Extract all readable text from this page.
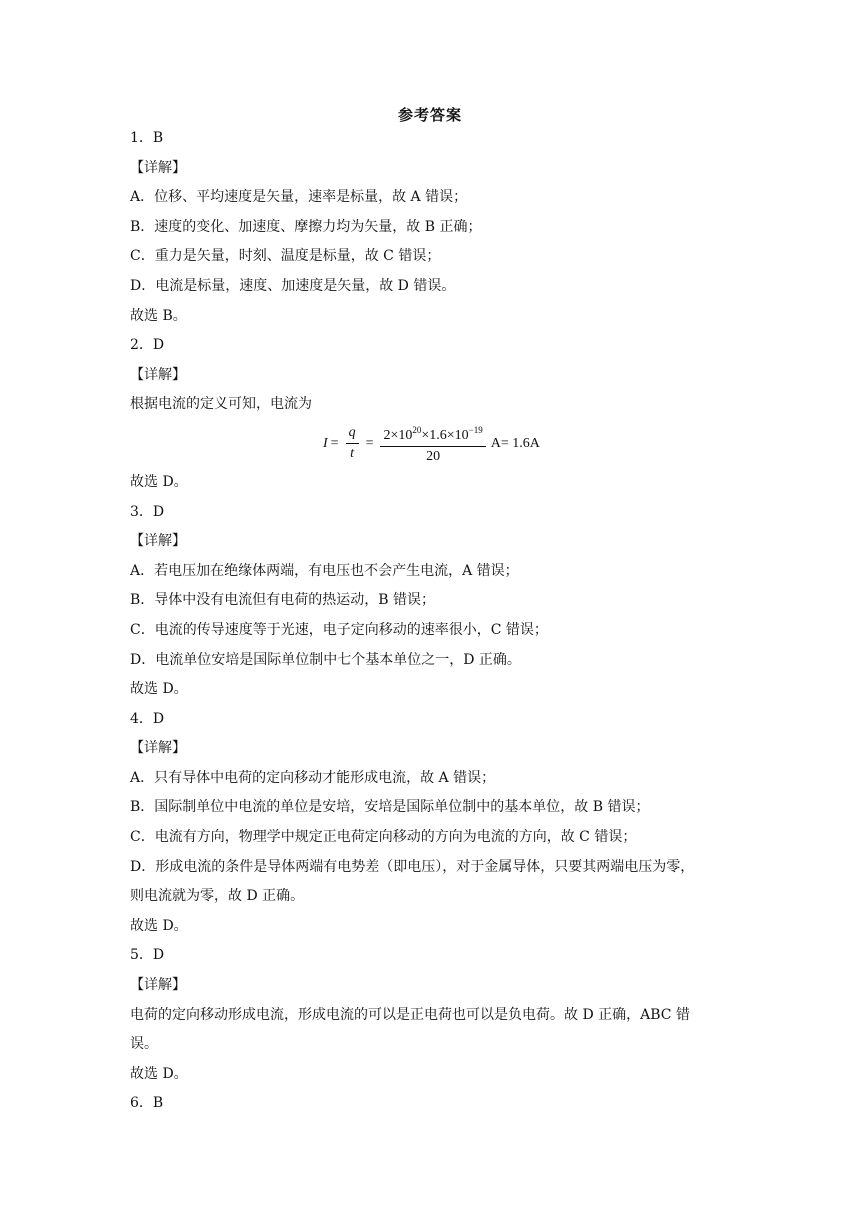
参考答案
1．B
【详解】
A．位移、平均速度是矢量，速率是标量，故 A 错误；
B．速度的变化、加速度、摩擦力均为矢量，故 B 正确；
C．重力是矢量，时刻、温度是标量，故 C 错误；
D．电流是标量，速度、加速度是矢量，故 D 错误。
故选 B。
2．D
【详解】
根据电流的定义可知，电流为
$I = \frac{q}{t} = \frac{2\times 10^{20}\times 1.6\times 10^{-19}}{20} A= 1.6A$
故选 D。
3．D
【详解】
A．若电压加在绝缘体两端，有电压也不会产生电流，A 错误；
B．导体中没有电流但有电荷的热运动，B 错误；
C．电流的传导速度等于光速，电子定向移动的速率很小，C 错误；
D．电流单位安培是国际单位制中七个基本单位之一，D 正确。
故选 D。
4．D
【详解】
A．只有导体中电荷的定向移动才能形成电流，故 A 错误；
B．国际制单位中电流的单位是安培，安培是国际单位制中的基本单位，故 B 错误；
C．电流有方向，物理学中规定正电荷定向移动的方向为电流的方向，故 C 错误；
D．形成电流的条件是导体两端有电势差（即电压），对于金属导体，只要其两端电压为零，
则电流就为零，故 D 正确。
故选 D。
5．D
【详解】
电荷的定向移动形成电流，形成电流的可以是正电荷也可以是负电荷。故 D 正确，ABC 错
误。
故选 D。
6．B
